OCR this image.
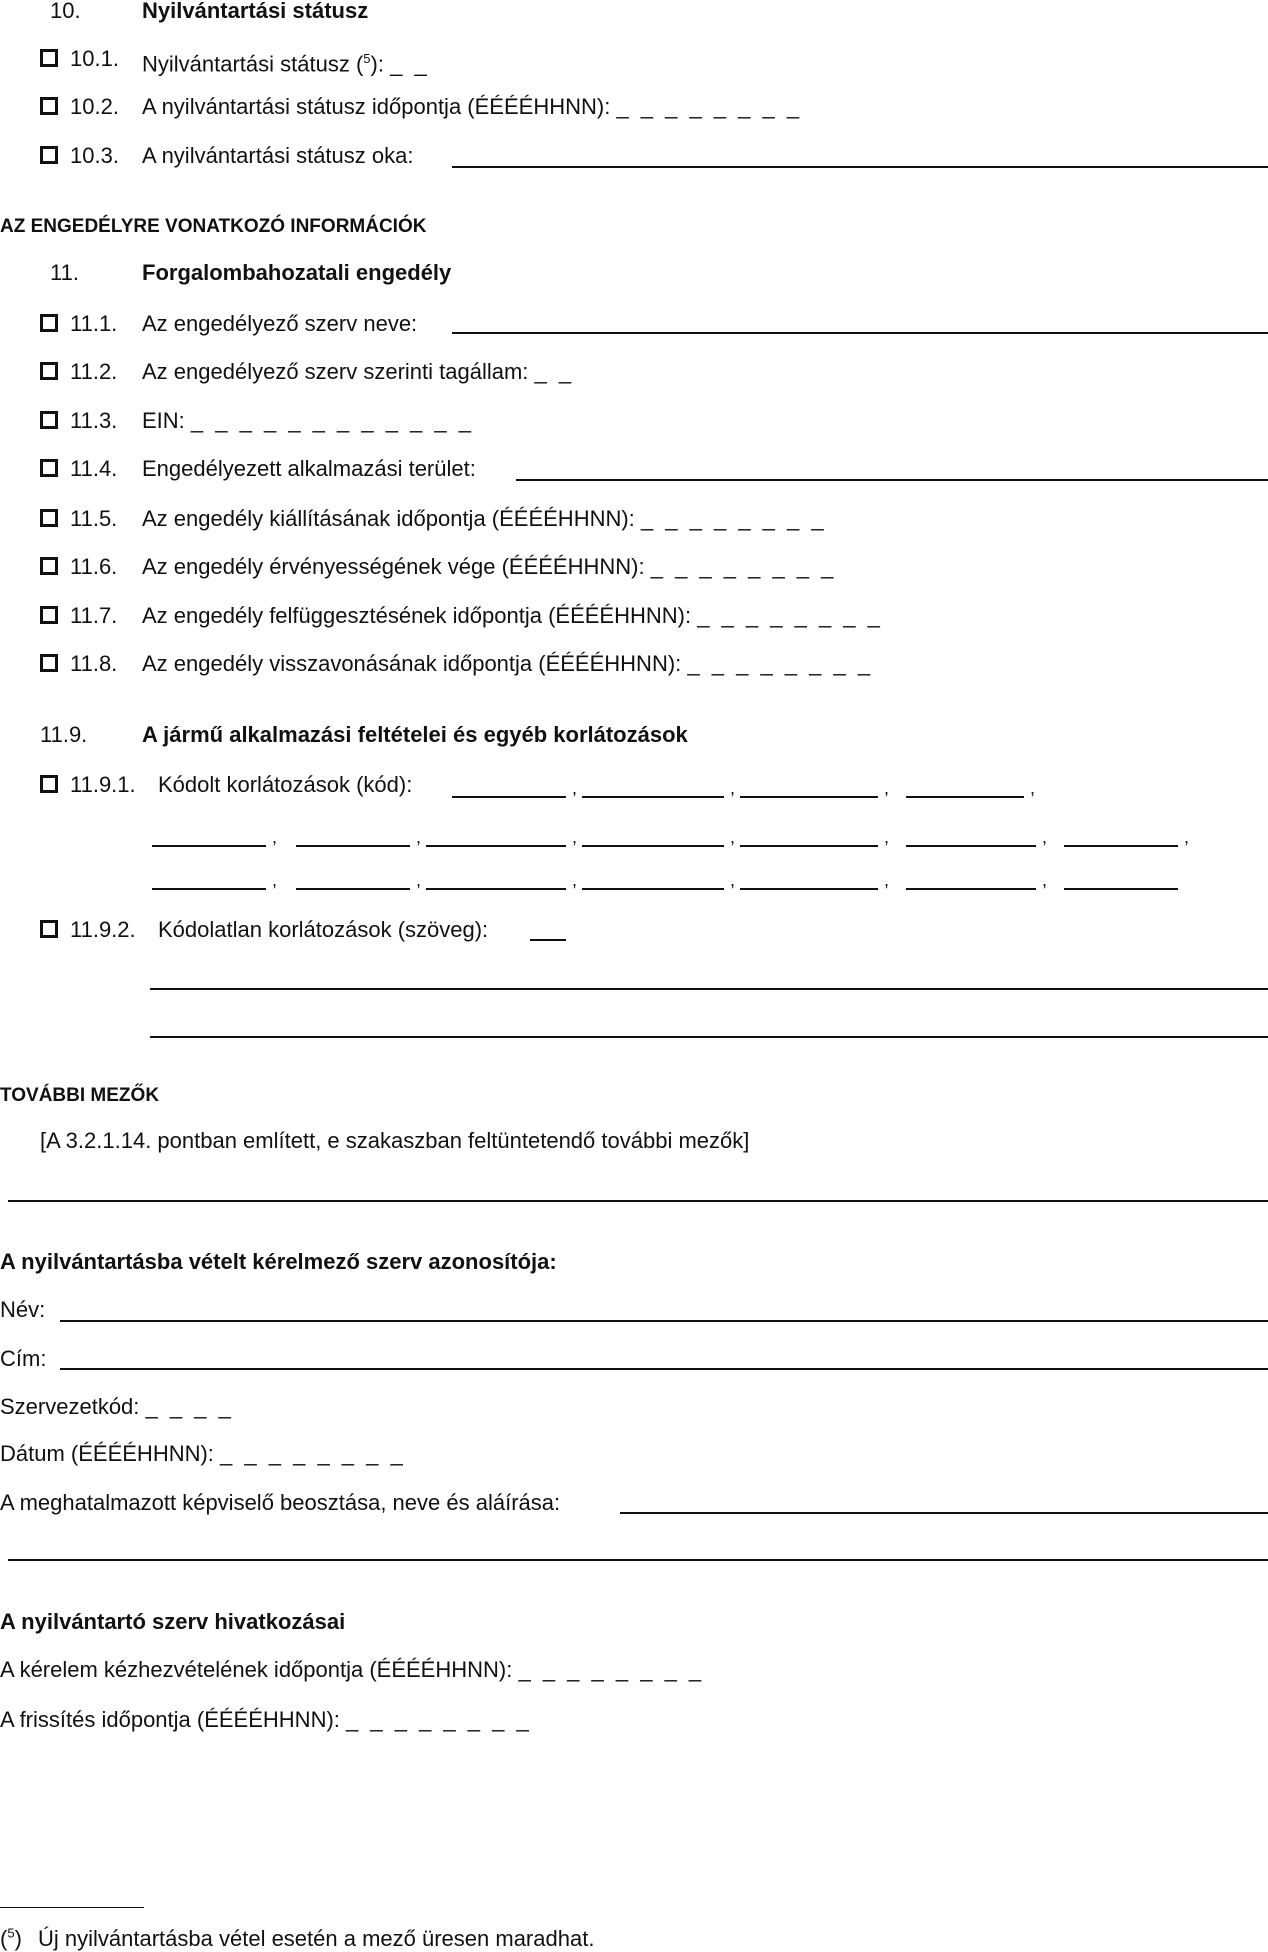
10.	Nyilvántartási státusz
10.1. Nyilvántartási státusz ($^5$): _ _
10.2. A nyilvántartási státusz időpontja (ÉÉÉÉHHNN): _ _ _ _ _ _ _ _
10.3. A nyilvántartási státusz oka:
AZ ENGEDÉLYRE VONATKOZÓ INFORMÁCIÓK
11.	Forgalombahozatali engedély
11.1. Az engedélyező szerv neve:
11.2. Az engedélyező szerv szerinti tagállam: _ _
11.3. EIN: _ _ _ _ _ _ _ _ _ _ _ _
11.4. Engedélyezett alkalmazási terület:
11.5. Az engedély kiállításának időpontja (ÉÉÉÉHHNN): _ _ _ _ _ _ _ _
11.6. Az engedély érvényességének vége (ÉÉÉÉHHNN): _ _ _ _ _ _ _ _
11.7. Az engedély felfüggesztésének időpontja (ÉÉÉÉHHNN): _ _ _ _ _ _ _ _
11.8. Az engedély visszavonásának időpontja (ÉÉÉÉHHNN): _ _ _ _ _ _ _ _
11.9. A jármű alkalmazási feltételei és egyéb korlátozások
11.9.1. Kódolt korlátozások (kód):	,	,	,	,
,	,	,	,	,	,	,
,	,	,	,	,	,
11.9.2. Kódolatlan korlátozások (szöveg):
TOVÁBBI MEZŐK
[A 3.2.1.14. pontban említett, e szakaszban feltüntetendő további mezők]
A nyilvántartásba vételt kérelmező szerv azonosítója:
Név:
Cím:
Szervezetkód: _ _ _ _
Dátum (ÉÉÉÉHHNN): _ _ _ _ _ _ _ _
A meghatalmazott képviselő beosztása, neve és aláírása:
A nyilvántartó szerv hivatkozásai
A kérelem kézhezvételének időpontja (ÉÉÉÉHHNN): _ _ _ _ _ _ _ _
A frissítés időpontja (ÉÉÉÉHHNN): _ _ _ _ _ _ _ _
($^5$) Új nyilvántartásba vétel esetén a mező üresen maradhat.
